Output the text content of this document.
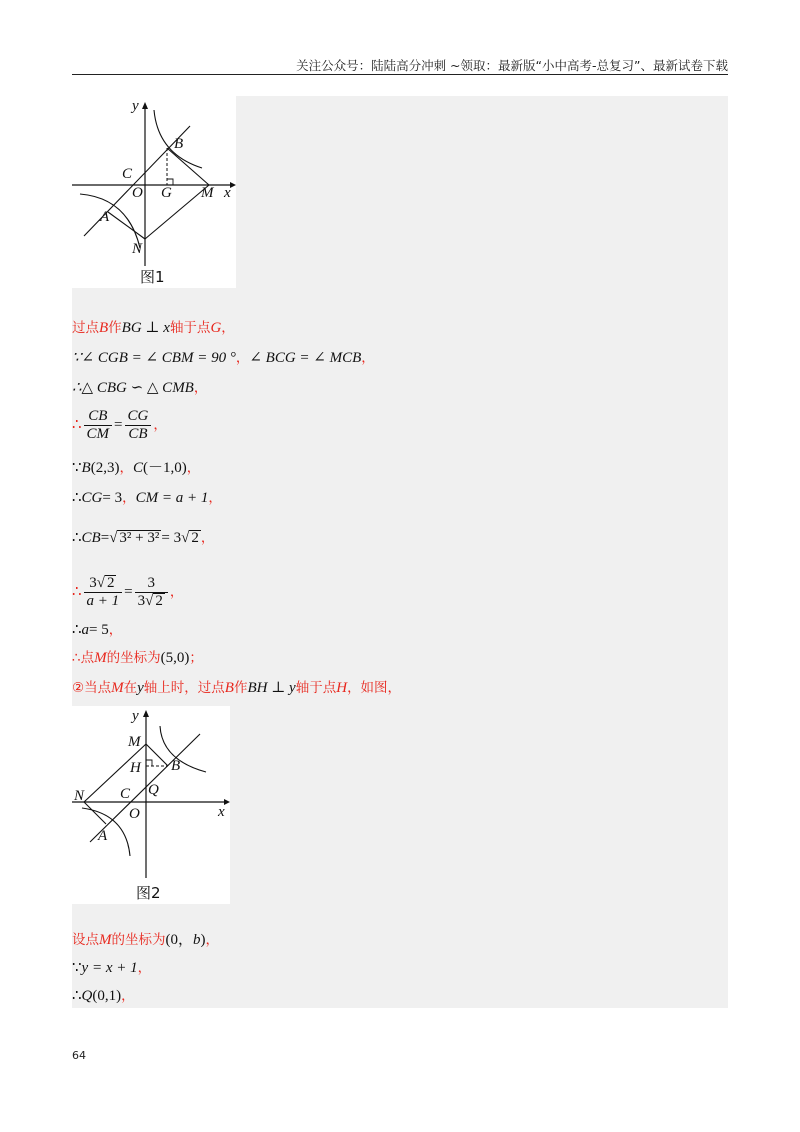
关注公众号：陆陆高分冲刺 ~领取：最新版“小中高考-总复习”、最新试卷下载
y
x
B
C
O G M
A
N
图1
过点B作BG ⊥ x轴于点G，
∵∠ CGB = ∠ CBM = 90 °，∠ BCG = ∠ MCB，
∴△ CBG ∽ △ CMB，
∴ $\frac{CB}{CM} = \frac{CG}{CB}$ ，
∵B(2,3)，C(－1,0)，
∴CG= 3，CM = a + 1，
∴CB=√ 3² + 3² = 3√ 2 ，
∴ $\frac{3√ 2}{a + 1} = \frac{3}{3√ 2}$ ，
∴a= 5，
∴点M的坐标为(5,0)；
②当点M在y轴上时，过点B作BH ⊥ y轴于点H，如图，
y
x
M
H B
N C Q
O
A
图2
设点M的坐标为(0，b)，
∵y = x + 1，
∴Q(0,1)，
64
